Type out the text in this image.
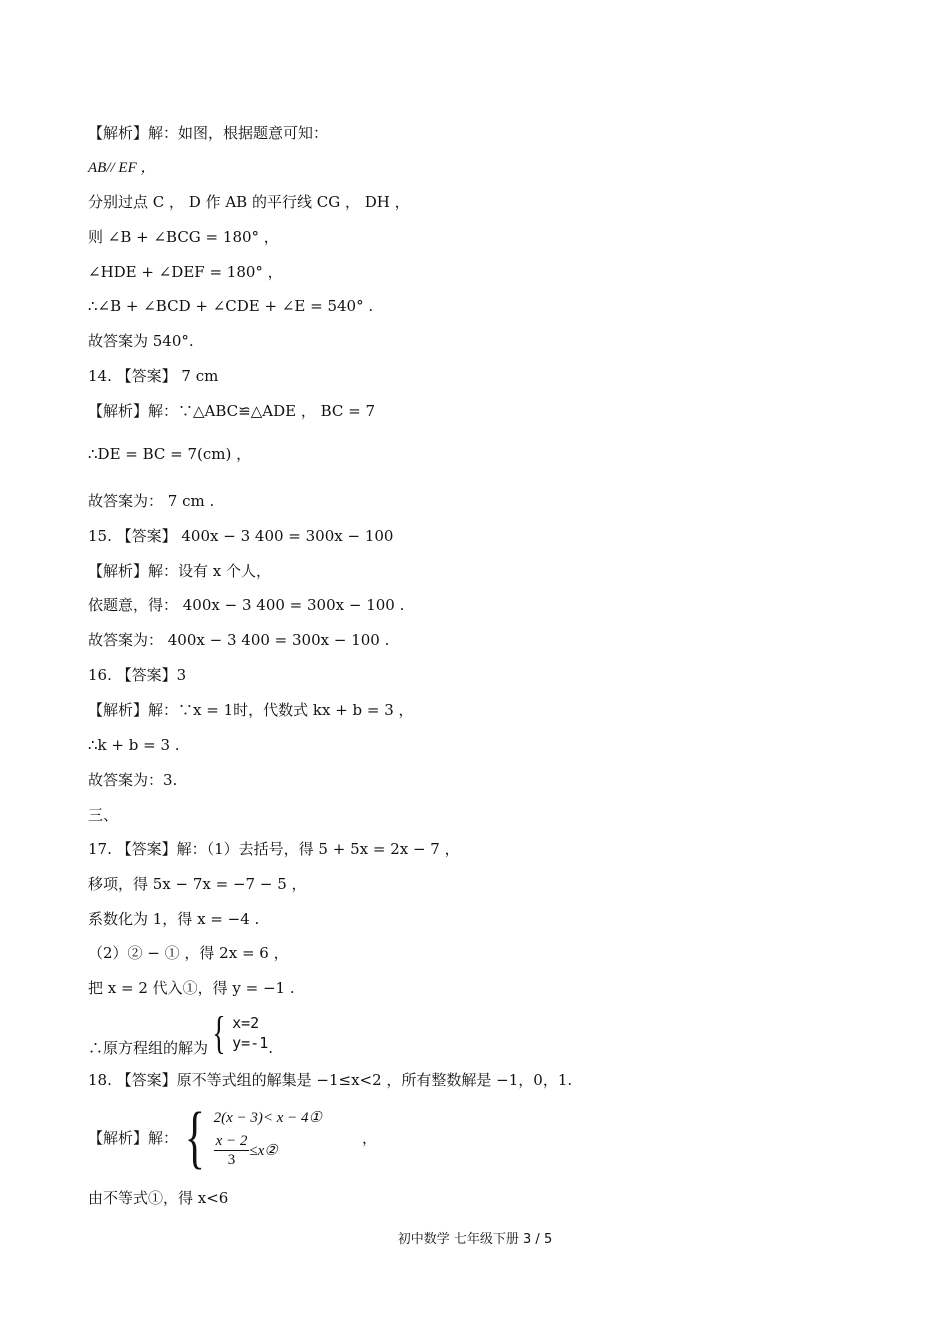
【解析】解：如图，根据题意可知：
AB// EF ，
分别过点 C ， D 作 AB 的平行线 CG ， DH ，
则 ∠B + ∠BCG = 180° ，
∠HDE + ∠DEF = 180° ，
∴∠B + ∠BCD + ∠CDE + ∠E = 540° .
故答案为 540°.
14. 【答案】 7 cm
【解析】解：∵△ABC≌△ADE ， BC = 7
∴DE = BC = 7(cm) ，
故答案为： 7 cm .
15. 【答案】 400x − 3 400 = 300x − 100
【解析】解：设有 x 个人，
依题意，得： 400x − 3 400 = 300x − 100 .
故答案为： 400x − 3 400 = 300x − 100 .
16. 【答案】3
【解析】解：∵x = 1时，代数式 kx + b = 3 ，
∴k + b = 3 .
故答案为：3.
三、
17. 【答案】解：（1）去括号，得 5 + 5x = 2x − 7 ，
移项，得 5x − 7x = −7 − 5 ，
系数化为 1，得 x = −4 .
（2）② − ① ，得 2x = 6 ，
把 x = 2 代入①，得 y = −1 .
∴原方程组的解为 { x=2
y=-1 .
18. 【答案】原不等式组的解集是 −1≤x<2 ，所有整数解是 −1，0，1.
【解析】解： { 2(x − 3)< x − 4①
$\frac{x - 2}{3}$ ≤x②
，
由不等式①，得 x<6
初中数学 七年级下册 3 / 5
